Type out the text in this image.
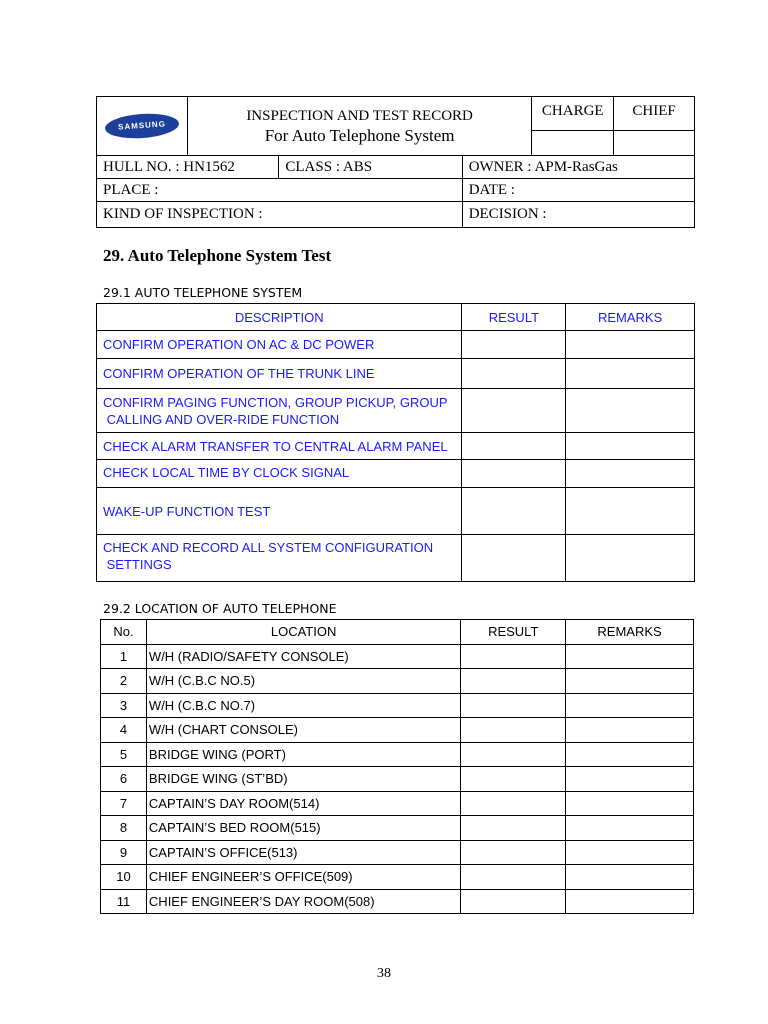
SAMSUNG	INSPECTION AND TEST RECORD
For Auto Telephone System			CHARGE	CHIEF

HULL NO. : HN1562		CLASS : ABS	OWNER : APM-RasGas		
PLACE :			DATE :		
KIND OF INSPECTION :			DECISION :		
29. Auto Telephone System Test

29.1 AUTO TELEPHONE SYSTEM

DESCRIPTION	RESULT	REMARKS
CONFIRM OPERATION ON AC & DC POWER		
CONFIRM OPERATION OF THE TRUNK LINE		

CONFIRM PAGING FUNCTION, GROUP PICKUP, GROUP
CALLING AND OVER-RIDE FUNCTION		

CHECK ALARM TRANSFER TO CENTRAL ALARM PANEL		
CHECK LOCAL TIME BY CLOCK SIGNAL		
WAKE-UP FUNCTION TEST		

CHECK AND RECORD ALL SYSTEM CONFIGURATION
SETTINGS		

29.2 LOCATION OF AUTO TELEPHONE

No.	LOCATION	RESULT	REMARKS
1	W/H (RADIO/SAFETY CONSOLE)		
2	W/H (C.B.C NO.5)		
3	W/H (C.B.C NO.7)		
4	W/H (CHART CONSOLE)		
5	BRIDGE WING (PORT)		
6	BRIDGE WING (ST’BD)		
7	CAPTAIN’S DAY ROOM(514)		
8	CAPTAIN’S BED ROOM(515)		
9	CAPTAIN’S OFFICE(513)		
10	CHIEF ENGINEER’S OFFICE(509)		
11	CHIEF ENGINEER’S DAY ROOM(508)		
38
